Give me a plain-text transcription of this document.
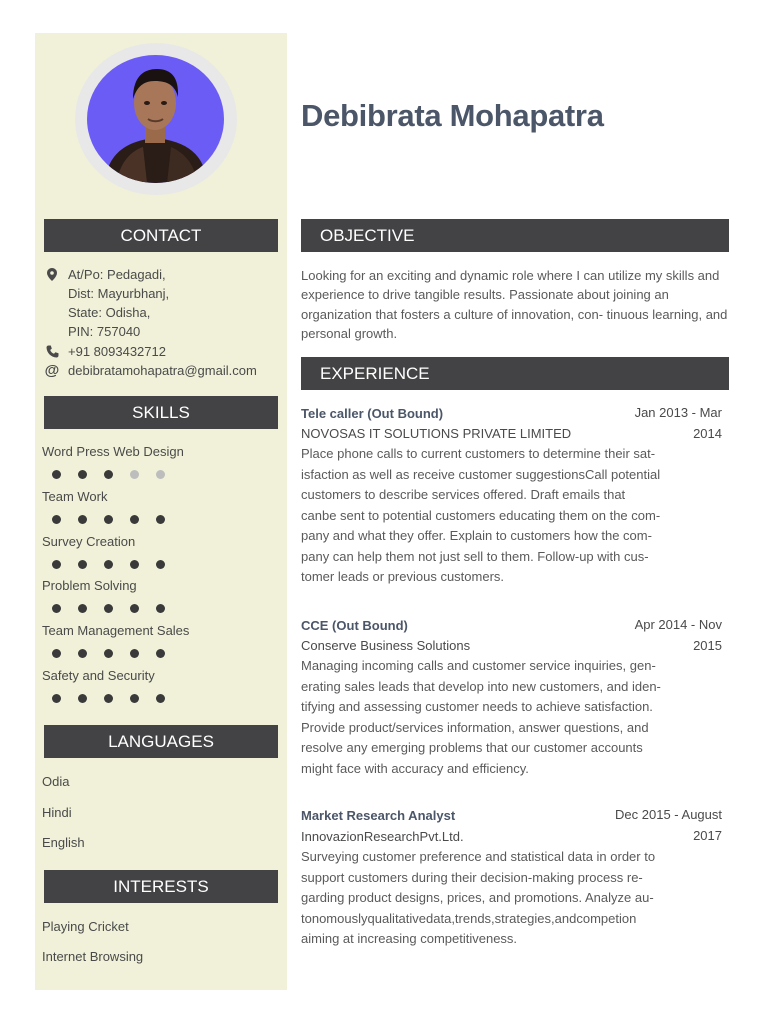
Debibrata Mohapatra
CONTACT
At/Po: Pedagadi,
Dist: Mayurbhanj,
State: Odisha,
PIN: 757040
+91 8093432712
@ debibratamohapatra@gmail.com
SKILLS
Word Press Web Design
Team Work
Survey Creation
Problem Solving
Team Management Sales
Safety and Security
LANGUAGES
Odia
Hindi
English
INTERESTS
Playing Cricket
Internet Browsing
OBJECTIVE
Looking for an exciting and dynamic role where I can utilize my skills and experience to drive tangible results. Passionate about joining an organization that fosters a culture of innovation, con- tinuous learning, and personal growth.
EXPERIENCE
Tele caller (Out Bound)	Jan 2013 - Mar 2014
NOVOSAS IT SOLUTIONS PRIVATE LIMITED
Place phone calls to current customers to determine their sat- isfaction as well as receive customer suggestionsCall potential customers to describe services offered. Draft emails that canbe sent to potential customers educating them on the com- pany and what they offer. Explain to customers how the com- pany can help them not just sell to them. Follow-up with cus- tomer leads or previous customers.
CCE (Out Bound)	Apr 2014 - Nov 2015
Conserve Business Solutions
Managing incoming calls and customer service inquiries, gen- erating sales leads that develop into new customers, and iden- tifying and assessing customer needs to achieve satisfaction. Provide product/services information, answer questions, and resolve any emerging problems that our customer accounts might face with accuracy and efficiency.
Market Research Analyst	Dec 2015 - August 2017
InnovazionResearchPvt.Ltd.
Surveying customer preference and statistical data in order to support customers during their decision-making process re- garding product designs, prices, and promotions. Analyze au- tonomouslyqualitativedata,trends,strategies,andcompetion aiming at increasing competitiveness.
